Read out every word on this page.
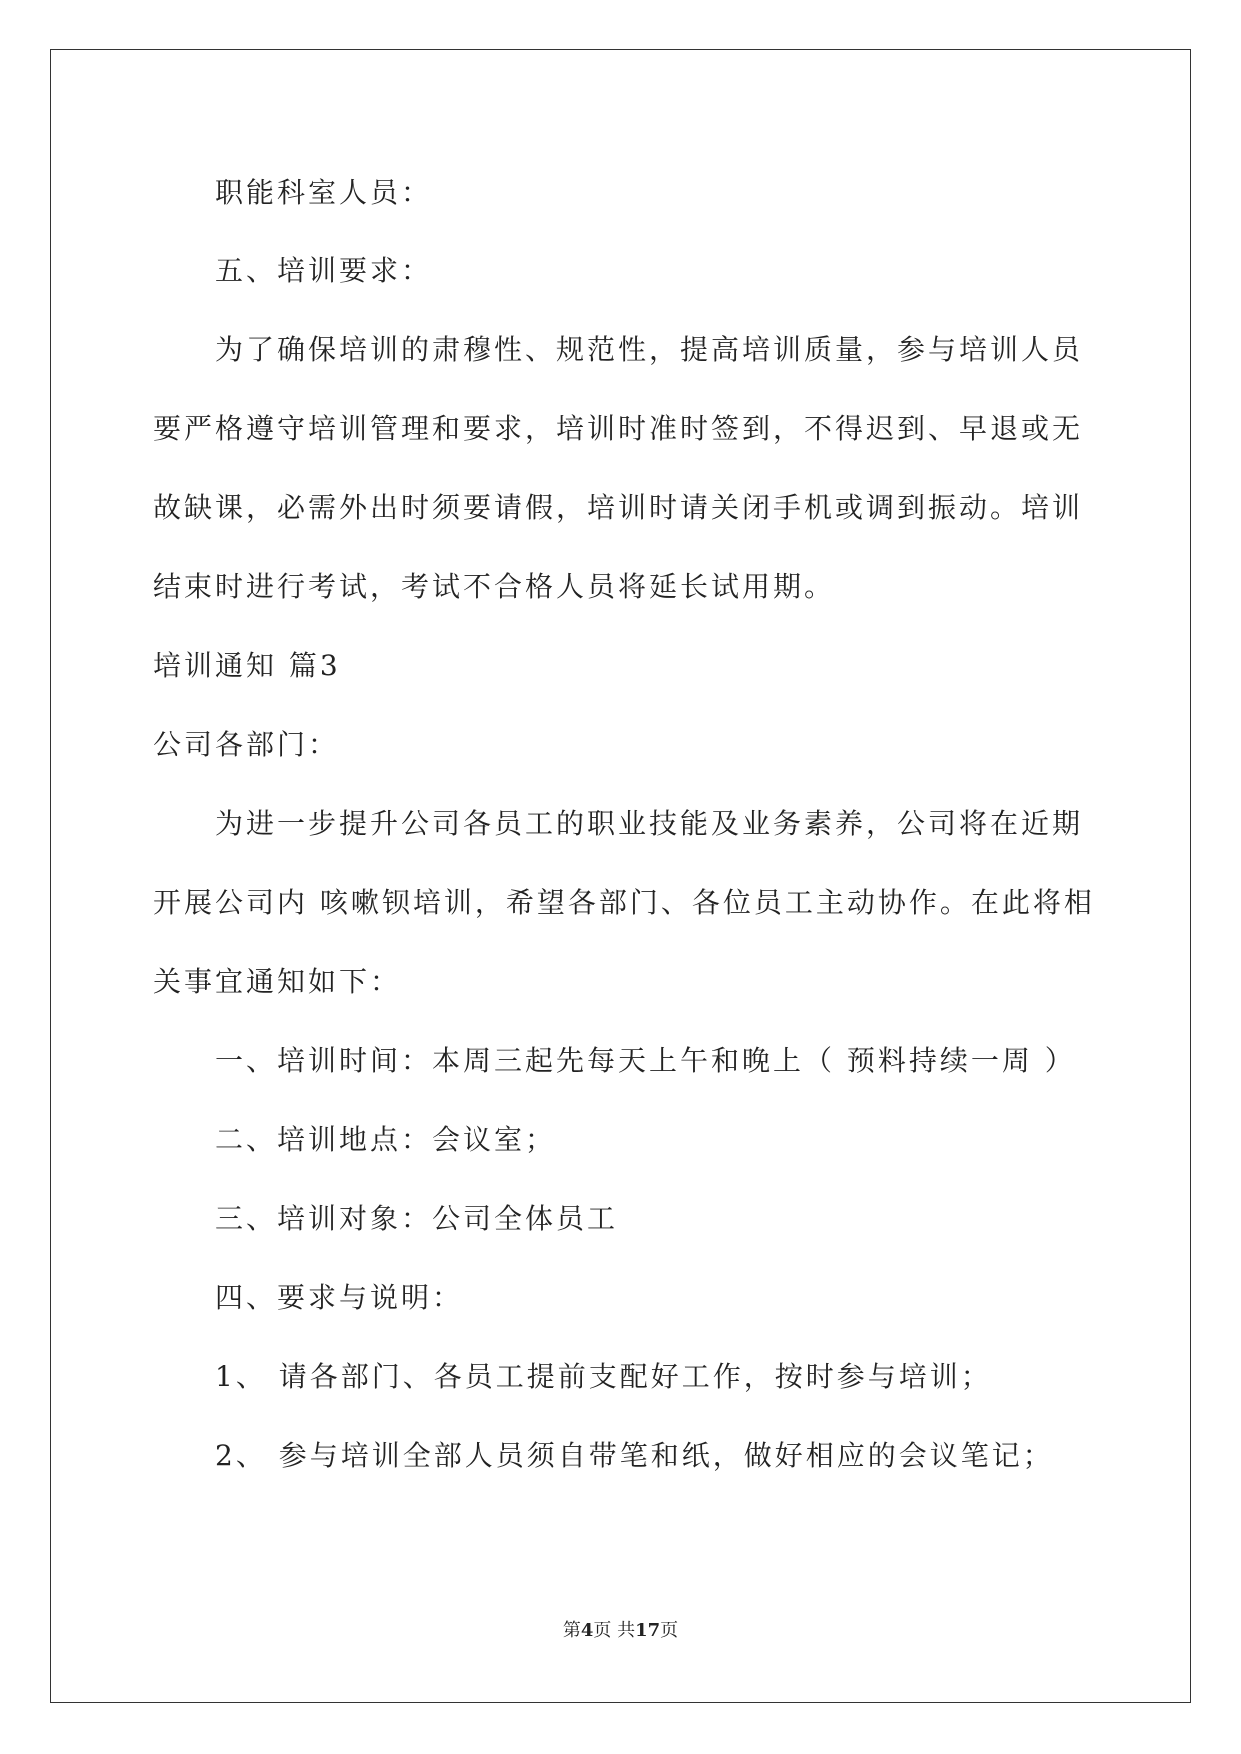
职能科室人员：
五、培训要求：
为了确保培训的肃穆性、规范性，提高培训质量，参与培训人员
要严格遵守培训管理和要求，培训时准时签到，不得迟到、早退或无
故缺课，必需外出时须要请假，培训时请关闭手机或调到振动。培训
结束时进行考试，考试不合格人员将延长试用期。
培训通知 篇3
公司各部门：
为进一步提升公司各员工的职业技能及业务素养，公司将在近期
开展公司内 咳嗽钡培训，希望各部门、各位员工主动协作。在此将相
关事宜通知如下：
一、培训时间：本周三起先每天上午和晚上（ 预料持续一周 ）
二、培训地点：会议室；
三、培训对象：公司全体员工
四、要求与说明：
1、 请各部门、各员工提前支配好工作，按时参与培训；
2、 参与培训全部人员须自带笔和纸，做好相应的会议笔记；
第4页 共17页
